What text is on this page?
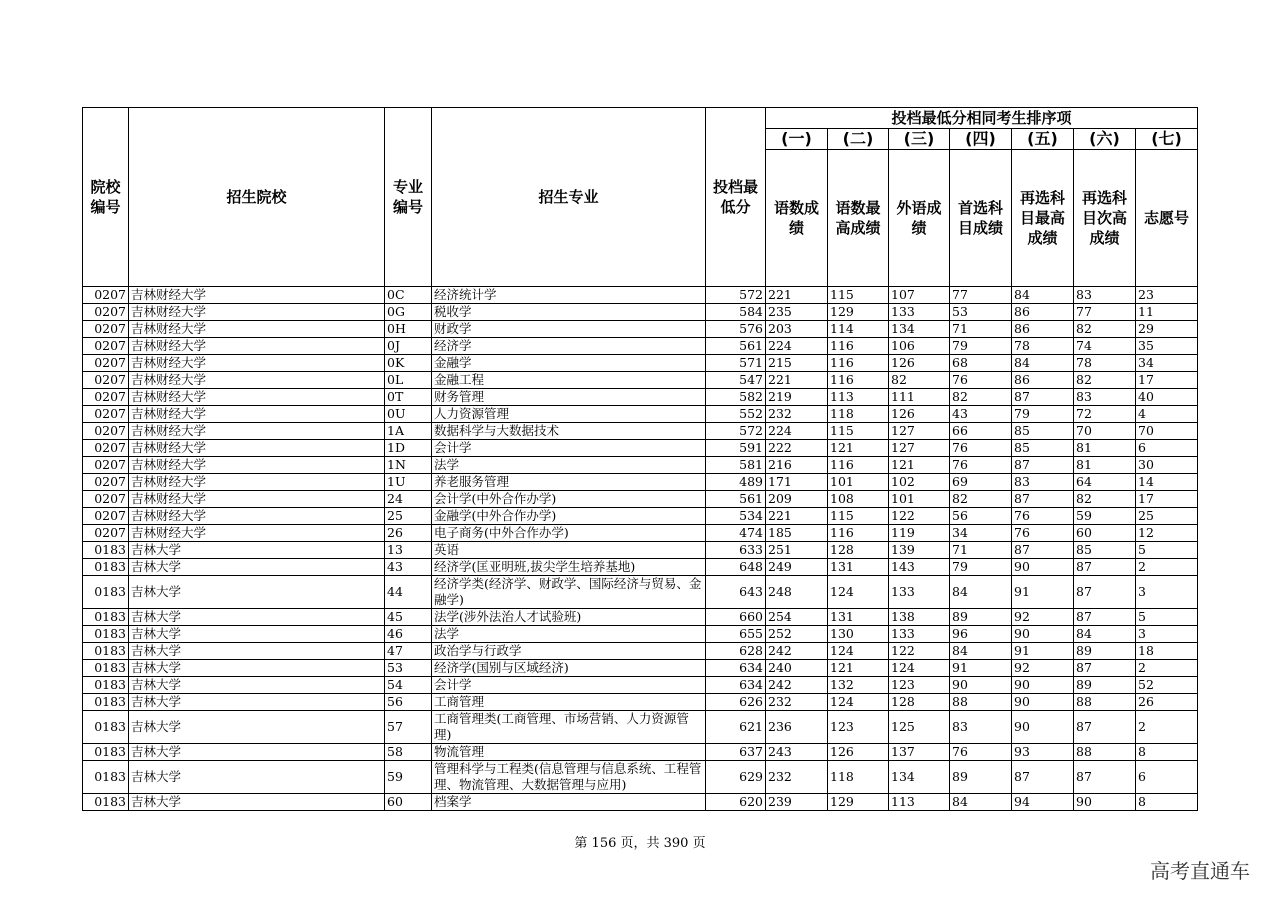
院校编号	招生院校	专业编号	招生专业	投档最低分	投档最低分相同考生排序项						
					(一)	(二)	(三)	(四)	(五)	(六)	(七)
					语数成绩	语数最高成绩	外语成绩	首选科目成绩	再选科目最高成绩	再选科目次高成绩	志愿号
0207	吉林财经大学	0C	经济统计学	572	221	115	107	77	84	83	23
0207	吉林财经大学	0G	税收学	584	235	129	133	53	86	77	11
0207	吉林财经大学	0H	财政学	576	203	114	134	71	86	82	29
0207	吉林财经大学	0J	经济学	561	224	116	106	79	78	74	35
0207	吉林财经大学	0K	金融学	571	215	116	126	68	84	78	34
0207	吉林财经大学	0L	金融工程	547	221	116	82	76	86	82	17
0207	吉林财经大学	0T	财务管理	582	219	113	111	82	87	83	40
0207	吉林财经大学	0U	人力资源管理	552	232	118	126	43	79	72	4
0207	吉林财经大学	1A	数据科学与大数据技术	572	224	115	127	66	85	70	70
0207	吉林财经大学	1D	会计学	591	222	121	127	76	85	81	6
0207	吉林财经大学	1N	法学	581	216	116	121	76	87	81	30
0207	吉林财经大学	1U	养老服务管理	489	171	101	102	69	83	64	14
0207	吉林财经大学	24	会计学(中外合作办学)	561	209	108	101	82	87	82	17
0207	吉林财经大学	25	金融学(中外合作办学)	534	221	115	122	56	76	59	25
0207	吉林财经大学	26	电子商务(中外合作办学)	474	185	116	119	34	76	60	12
0183	吉林大学	13	英语	633	251	128	139	71	87	85	5
0183	吉林大学	43	经济学(匡亚明班,拔尖学生培养基地)	648	249	131	143	79	90	87	2
0183	吉林大学	44	经济学类(经济学、财政学、国际经济与贸易、金融学)	643	248	124	133	84	91	87	3
0183	吉林大学	45	法学(涉外法治人才试验班)	660	254	131	138	89	92	87	5
0183	吉林大学	46	法学	655	252	130	133	96	90	84	3
0183	吉林大学	47	政治学与行政学	628	242	124	122	84	91	89	18
0183	吉林大学	53	经济学(国别与区域经济)	634	240	121	124	91	92	87	2
0183	吉林大学	54	会计学	634	242	132	123	90	90	89	52
0183	吉林大学	56	工商管理	626	232	124	128	88	90	88	26
0183	吉林大学	57	工商管理类(工商管理、市场营销、人力资源管理)	621	236	123	125	83	90	87	2
0183	吉林大学	58	物流管理	637	243	126	137	76	93	88	8
0183	吉林大学	59	管理科学与工程类(信息管理与信息系统、工程管理、物流管理、大数据管理与应用)	629	232	118	134	89	87	87	6
0183	吉林大学	60	档案学	620	239	129	113	84	94	90	8
第 156 页，共 390 页
高考直通车
